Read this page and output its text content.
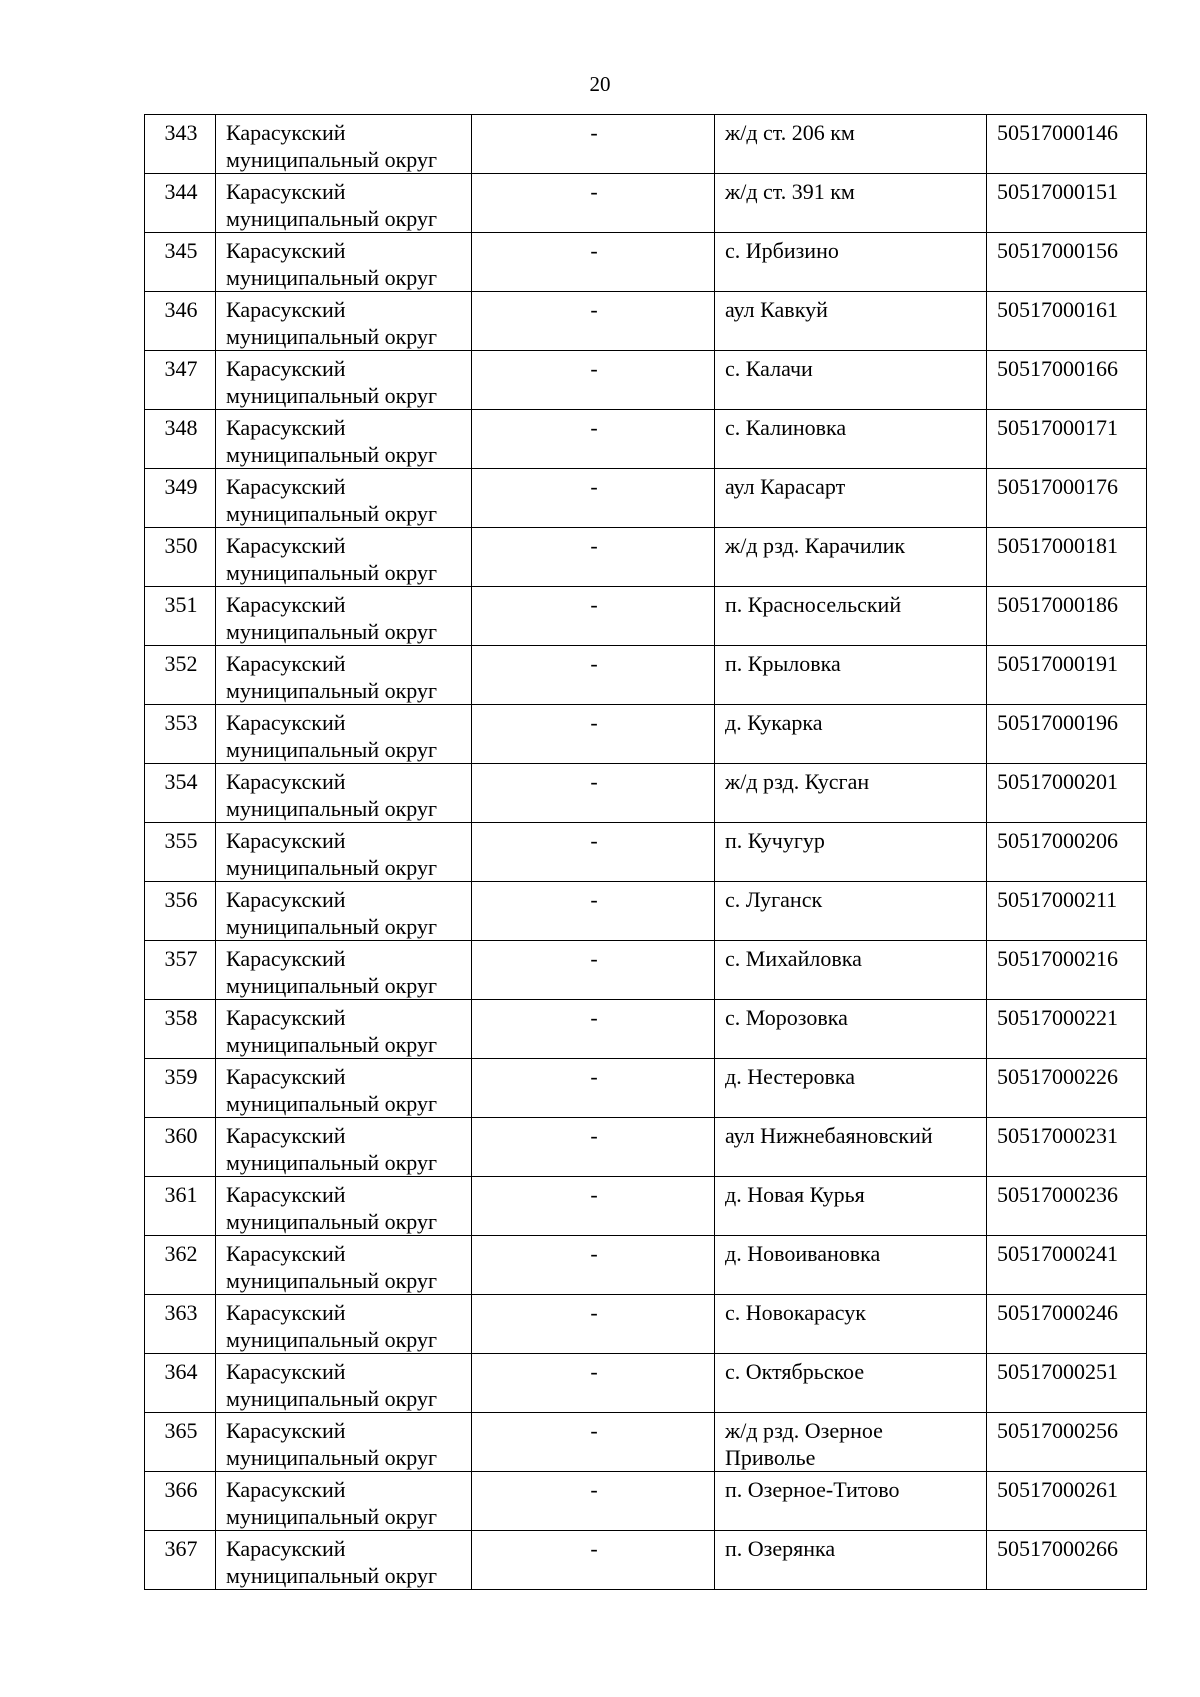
20
343	Карасукский муниципальный округ	-	ж/д ст. 206 км	50517000146
344	Карасукский муниципальный округ	-	ж/д ст. 391 км	50517000151
345	Карасукский муниципальный округ	-	с. Ирбизино	50517000156
346	Карасукский муниципальный округ	-	аул Кавкуй	50517000161
347	Карасукский муниципальный округ	-	с. Калачи	50517000166
348	Карасукский муниципальный округ	-	с. Калиновка	50517000171
349	Карасукский муниципальный округ	-	аул Карасарт	50517000176
350	Карасукский муниципальный округ	-	ж/д рзд. Карачилик	50517000181
351	Карасукский муниципальный округ	-	п. Красносельский	50517000186
352	Карасукский муниципальный округ	-	п. Крыловка	50517000191
353	Карасукский муниципальный округ	-	д. Кукарка	50517000196
354	Карасукский муниципальный округ	-	ж/д рзд. Кусган	50517000201
355	Карасукский муниципальный округ	-	п. Кучугур	50517000206
356	Карасукский муниципальный округ	-	с. Луганск	50517000211
357	Карасукский муниципальный округ	-	с. Михайловка	50517000216
358	Карасукский муниципальный округ	-	с. Морозовка	50517000221
359	Карасукский муниципальный округ	-	д. Нестеровка	50517000226
360	Карасукский муниципальный округ	-	аул Нижнебаяновский	50517000231
361	Карасукский муниципальный округ	-	д. Новая Курья	50517000236
362	Карасукский муниципальный округ	-	д. Новоивановка	50517000241
363	Карасукский муниципальный округ	-	с. Новокарасук	50517000246
364	Карасукский муниципальный округ	-	с. Октябрьское	50517000251
365	Карасукский муниципальный округ	-	ж/д рзд. Озерное Приволье	50517000256
366	Карасукский муниципальный округ	-	п. Озерное-Титово	50517000261
367	Карасукский муниципальный округ	-	п. Озерянка	50517000266
